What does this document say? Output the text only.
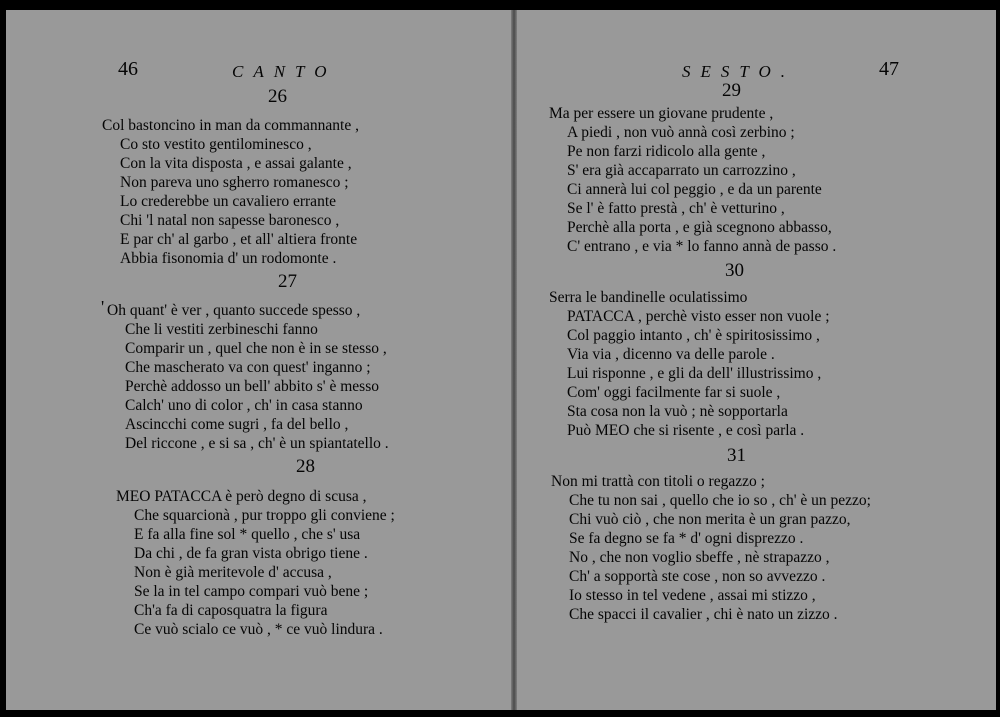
46	CANTO
26
Col bastoncino in man da commannante ,
Co sto vestito gentilominesco ,
Con la vita disposta , e assai galante ,
Non pareva uno sgherro romanesco ;
Lo crederebbe un cavaliero errante
Chi 'l natal non sapesse baronesco ,
E par ch' al garbo , et all' altiera fronte
Abbia fisonomia d' un rodomonte .
27
' Oh quant' è ver , quanto succede spesso ,
Che li vestiti zerbineschi fanno
Comparir un , quel che non è in se stesso ,
Che mascherato va con quest' inganno ;
Perchè addosso un bell' abbito s' è messo
Calch' uno di color , ch' in casa stanno
Ascincchi come sugri , fa del bello ,
Del riccone , e si sa , ch' è un spiantatello .
28
MEO PATACCA è però degno di scusa ,
Che squarcionà , pur troppo gli conviene ;
E fa alla fine sol * quello , che s' usa
Da chi , de fa gran vista obrigo tiene .
Non è già meritevole d' accusa ,
Se la in tel campo compari vuò bene ;
Ch'a fa di caposquatra la figura
Ce vuò scialo ce vuò , * ce vuò lindura .
SESTO.	47
29
Ma per essere un giovane prudente ,
A piedi , non vuò annà così zerbino ;
Pe non farzi ridicolo alla gente ,
S' era già accaparrato un carrozzino ,
Ci annerà lui col peggio , e da un parente
Se l' è fatto prestà , ch' è vetturino ,
Perchè alla porta , e già scegnono abbasso,
C' entrano , e via * lo fanno annà de passo .
30
Serra le bandinelle oculatissimo
PATACCA , perchè visto esser non vuole ;
Col paggio intanto , ch' è spiritosissimo ,
Via via , dicenno va delle parole .
Lui risponne , e gli da dell' illustrissimo ,
Com' oggi facilmente far si suole ,
Sta cosa non la vuò ; nè sopportarla
Può MEO che si risente , e così parla .
31
Non mi trattà con titoli o regazzo ;
Che tu non sai , quello che io so , ch' è un pezzo;
Chi vuò ciò , che non merita è un gran pazzo,
Se fa degno se fa * d' ogni disprezzo .
No , che non voglio sbeffe , nè strapazzo ,
Ch' a sopportà ste cose , non so avvezzo .
Io stesso in tel vedene , assai mi stizzo ,
Che spacci il cavalier , chi è nato un zizzo .
